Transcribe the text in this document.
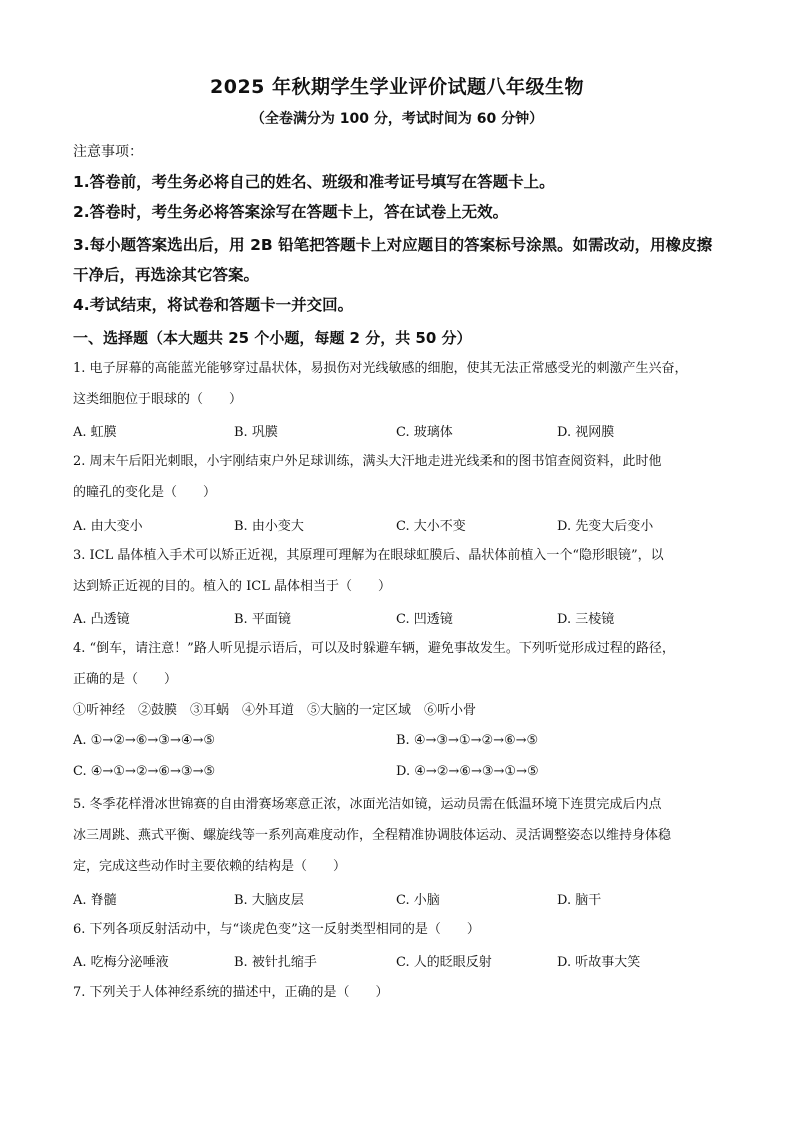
2025 年秋期学生学业评价试题八年级生物
（全卷满分为 100 分，考试时间为 60 分钟）
注意事项：
1.答卷前，考生务必将自己的姓名、班级和准考证号填写在答题卡上。
2.答卷时，考生务必将答案涂写在答题卡上，答在试卷上无效。
3.每小题答案选出后，用 2B 铅笔把答题卡上对应题目的答案标号涂黑。如需改动，用橡皮擦
干净后，再选涂其它答案。
4.考试结束，将试卷和答题卡一并交回。
一、选择题（本大题共 25 个小题，每题 2 分，共 50 分）
1. 电子屏幕的高能蓝光能够穿过晶状体，易损伤对光线敏感的细胞，使其无法正常感受光的刺激产生兴奋，
这类细胞位于眼球的（　　）
A. 虹膜	B. 巩膜	C. 玻璃体	D. 视网膜
2. 周末午后阳光刺眼，小宇刚结束户外足球训练，满头大汗地走进光线柔和的图书馆查阅资料，此时他
的瞳孔的变化是（　　）
A. 由大变小	B. 由小变大	C. 大小不变	D. 先变大后变小
3. ICL 晶体植入手术可以矫正近视，其原理可理解为在眼球虹膜后、晶状体前植入一个“隐形眼镜”，以
达到矫正近视的目的。植入的 ICL 晶体相当于（　　）
A. 凸透镜	B. 平面镜	C. 凹透镜	D. 三棱镜
4. “倒车，请注意！”路人听见提示语后，可以及时躲避车辆，避免事故发生。下列听觉形成过程的路径，
正确的是（　　）
①听神经　②鼓膜　③耳蜗　④外耳道　⑤大脑的一定区域　⑥听小骨
A. ①→②→⑥→③→④→⑤	B. ④→③→①→②→⑥→⑤
C. ④→①→②→⑥→③→⑤	D. ④→②→⑥→③→①→⑤
5. 冬季花样滑冰世锦赛的自由滑赛场寒意正浓，冰面光洁如镜，运动员需在低温环境下连贯完成后内点
冰三周跳、燕式平衡、螺旋线等一系列高难度动作，全程精准协调肢体运动、灵活调整姿态以维持身体稳
定，完成这些动作时主要依赖的结构是（　　）
A. 脊髓	B. 大脑皮层	C. 小脑	D. 脑干
6. 下列各项反射活动中，与“谈虎色变”这一反射类型相同的是（　　）
A. 吃梅分泌唾液	B. 被针扎缩手	C. 人的眨眼反射	D. 听故事大笑
7. 下列关于人体神经系统的描述中，正确的是（　　）
